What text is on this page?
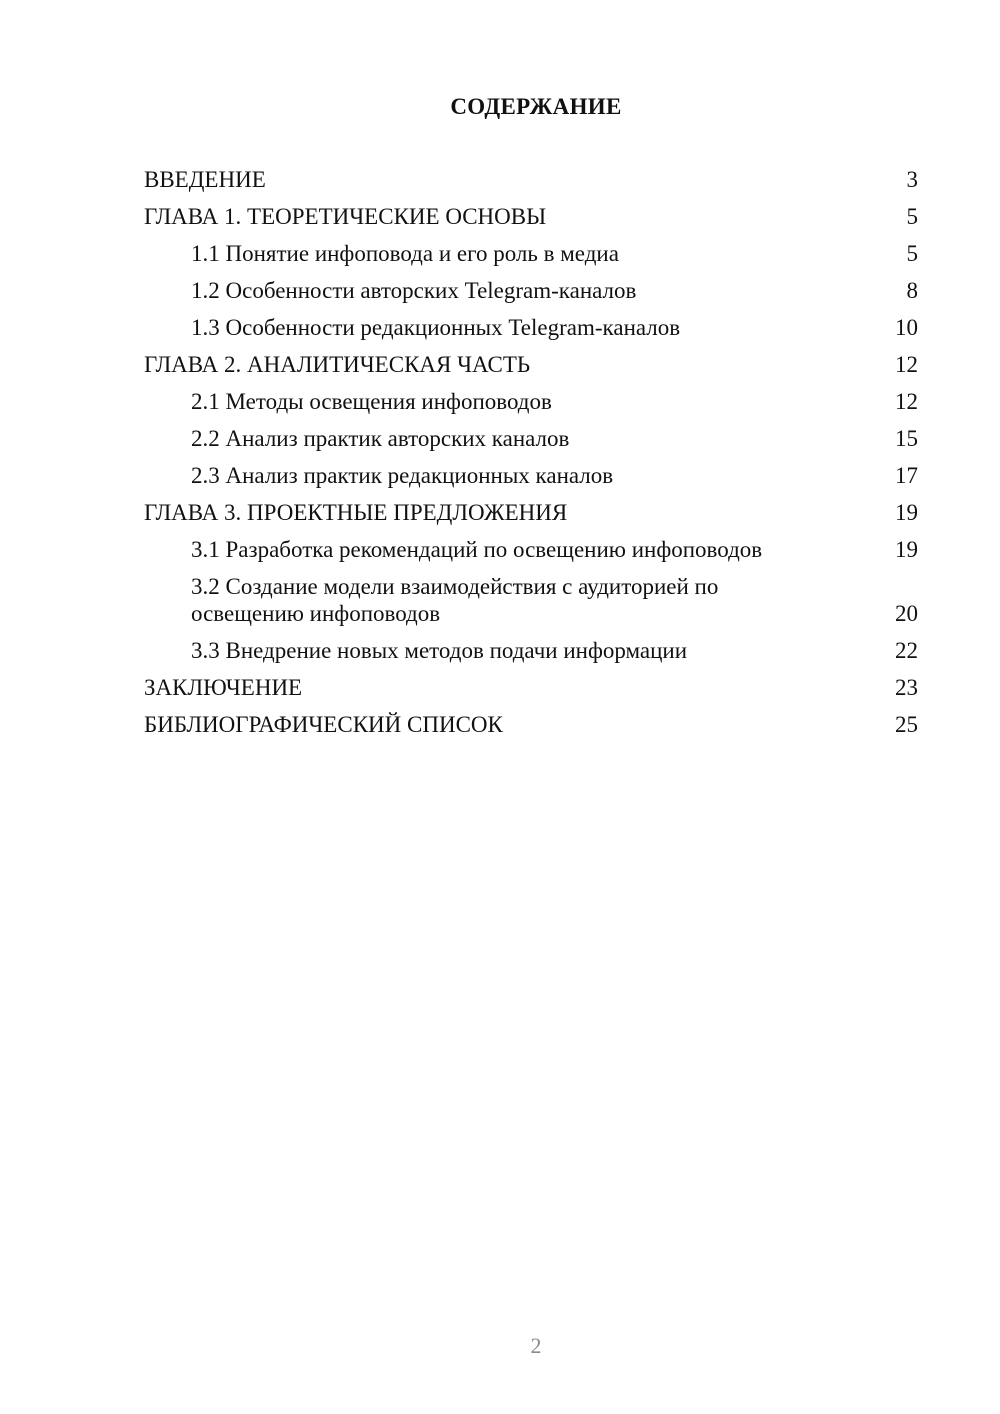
СОДЕРЖАНИЕ
ВВЕДЕНИЕ	3
ГЛАВА 1. ТЕОРЕТИЧЕСКИЕ ОСНОВЫ	5
1.1 Понятие инфоповода и его роль в медиа	5
1.2 Особенности авторских Telegram-каналов	8
1.3 Особенности редакционных Telegram-каналов	10
ГЛАВА 2. АНАЛИТИЧЕСКАЯ ЧАСТЬ	12
2.1 Методы освещения инфоповодов	12
2.2 Анализ практик авторских каналов	15
2.3 Анализ практик редакционных каналов	17
ГЛАВА 3. ПРОЕКТНЫЕ ПРЕДЛОЖЕНИЯ	19
3.1 Разработка рекомендаций по освещению инфоповодов	19
3.2 Создание модели взаимодействия с аудиторией по освещению инфоповодов	20
3.3 Внедрение новых методов подачи информации	22
ЗАКЛЮЧЕНИЕ	23
БИБЛИОГРАФИЧЕСКИЙ СПИСОК	25
2
